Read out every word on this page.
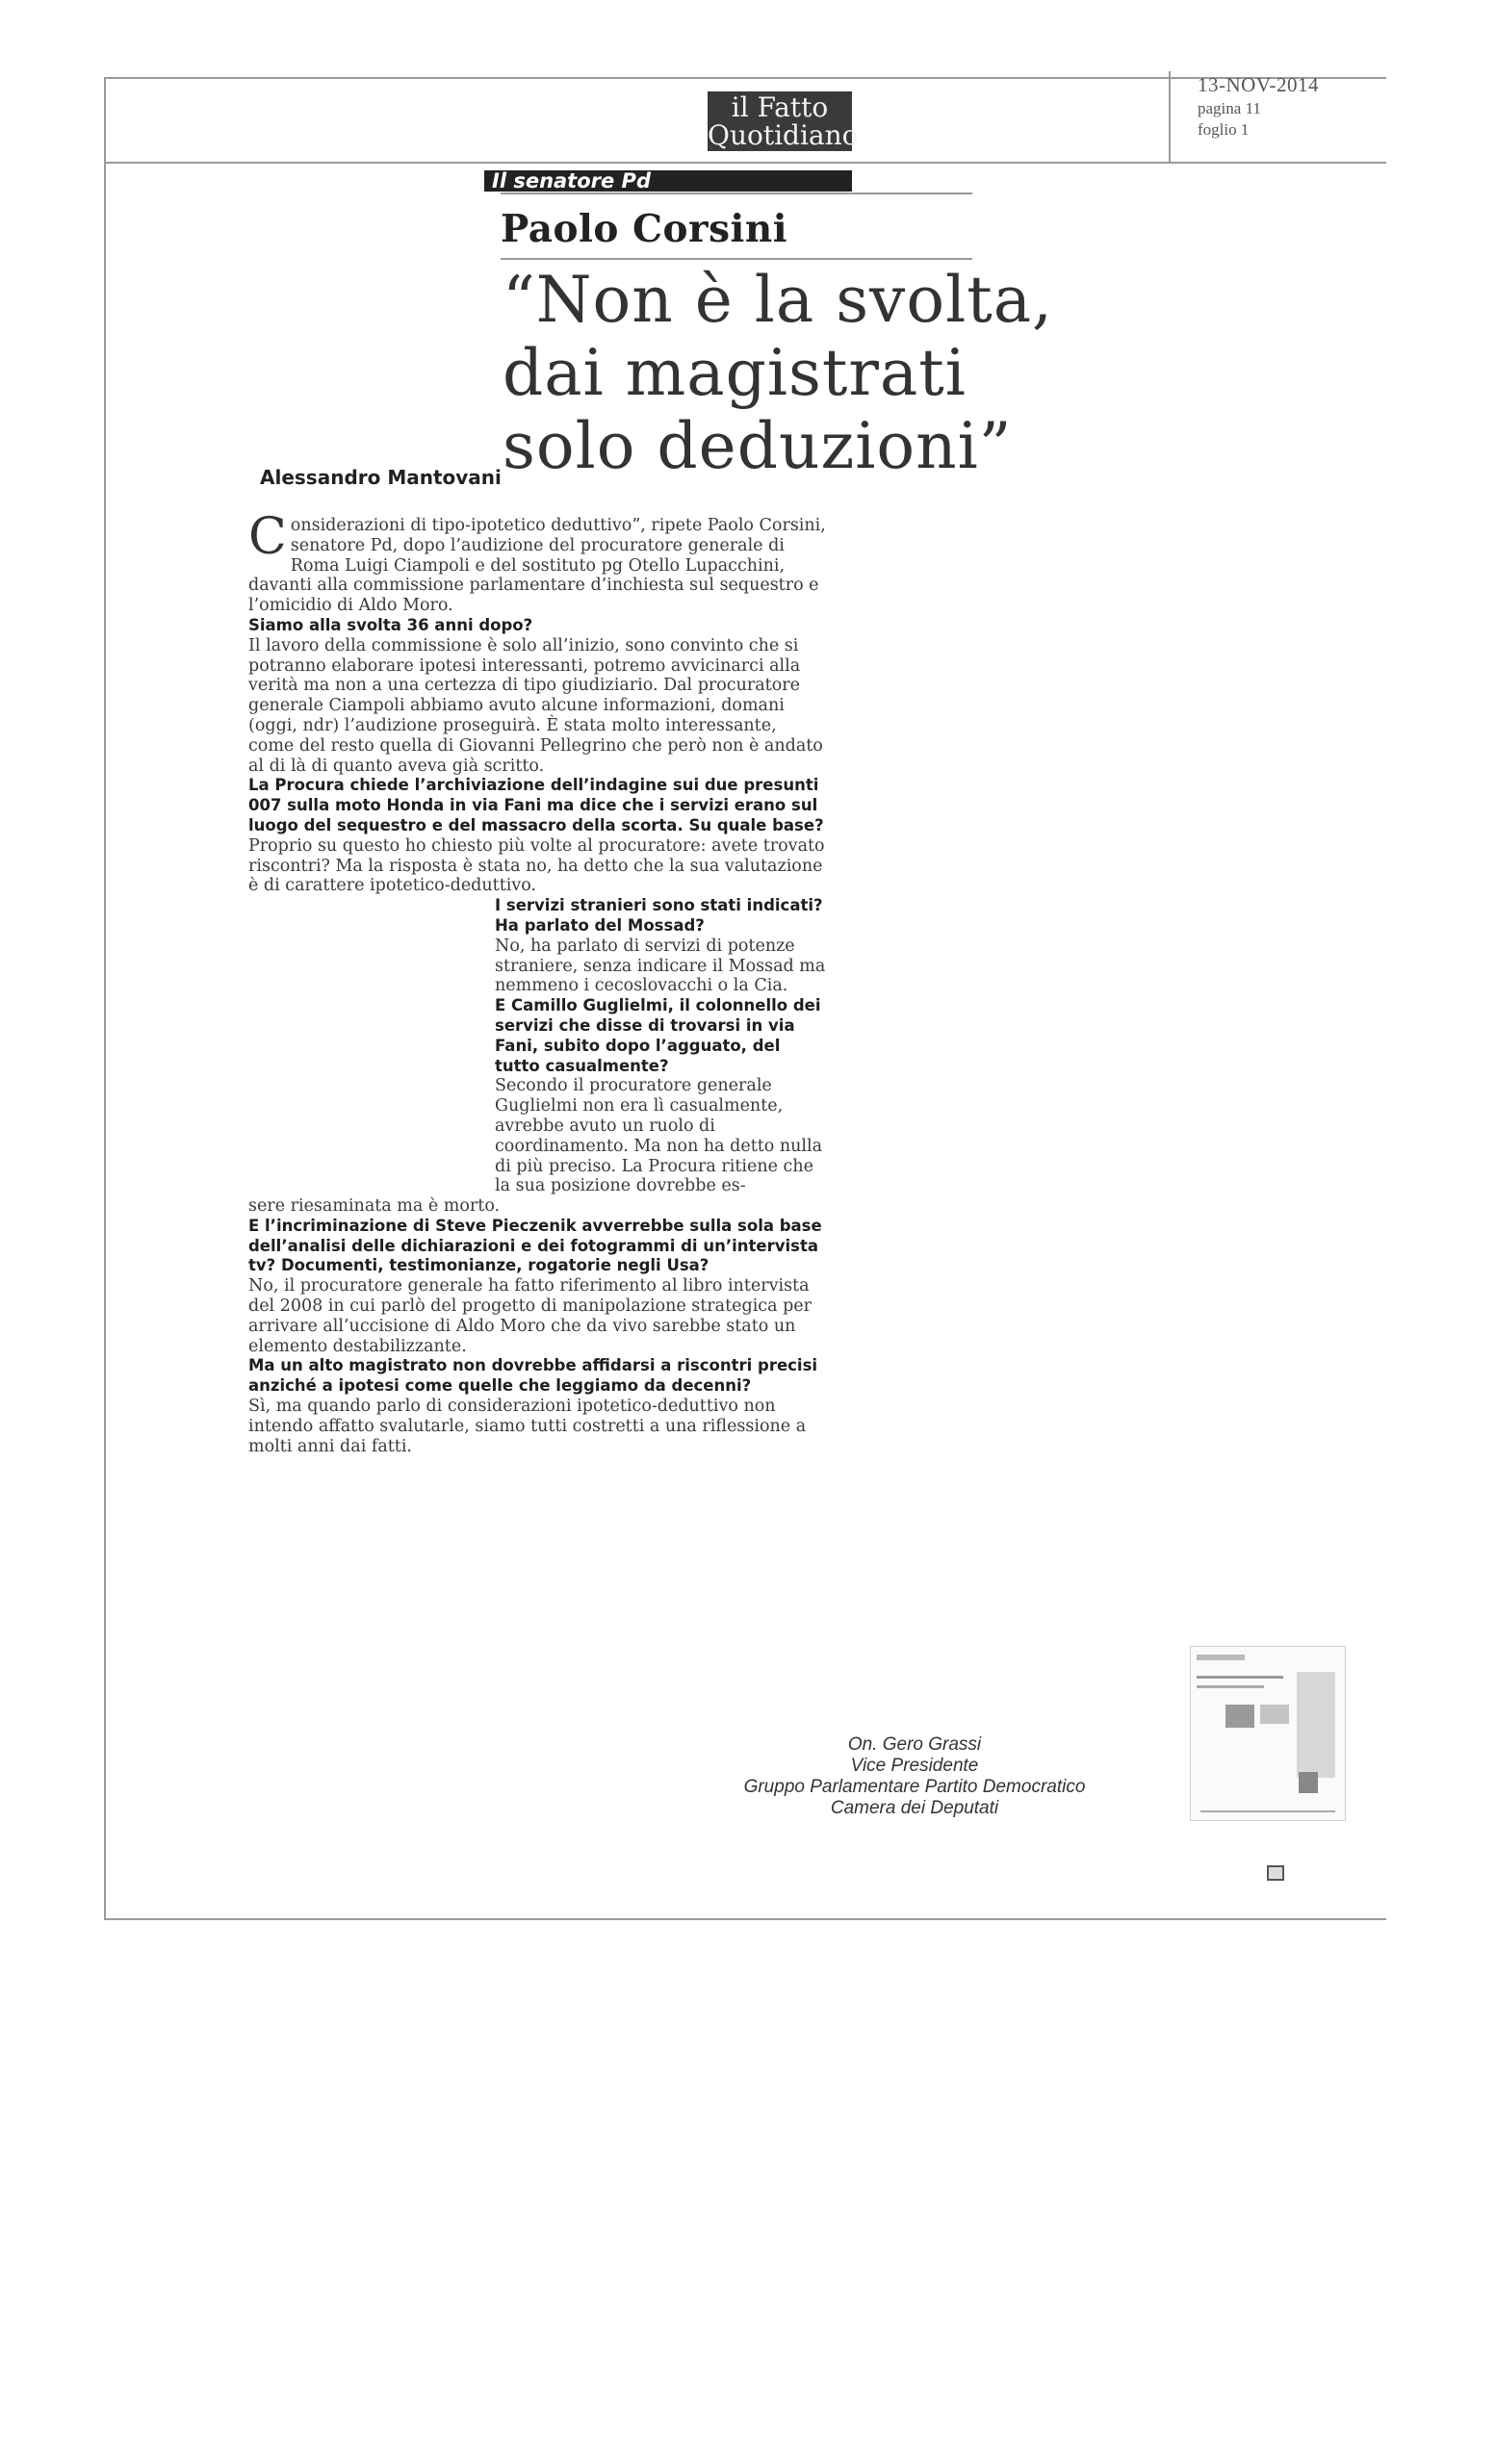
13-NOV-2014
pagina 11
foglio 1
il Fatto
Quotidiano
Il senatore Pd
Paolo Corsini
“Non è la svolta, dai magistrati solo deduzioni”
Alessandro Mantovani

Considerazioni di tipo-ipotetico deduttivo”, ripete Paolo Corsini, senatore Pd, dopo l’audizione del procuratore generale di Roma Luigi Ciampoli e del sostituto pg Otello Lupacchini, davanti alla commissione parlamentare d’inchiesta sul sequestro e l’omicidio di Aldo Moro.

Siamo alla svolta 36 anni dopo?

Il lavoro della commissione è solo all’inizio, sono convinto che si potranno elaborare ipotesi interessanti, potremo avvicinarci alla verità ma non a una certezza di tipo giudiziario. Dal procuratore generale Ciampoli abbiamo avuto alcune informazioni, domani (oggi, ndr) l’audizione proseguirà. È stata molto interessante, come del resto quella di Giovanni Pellegrino che però non è andato al di là di quanto aveva già scritto.

La Procura chiede l’archiviazione dell’indagine sui due presunti 007 sulla moto Honda in via Fani ma dice che i servizi erano sul luogo del sequestro e del massacro della scorta. Su quale base?

Proprio su questo ho chiesto più volte al procuratore: avete trovato riscontri? Ma la risposta è stata no, ha detto che la sua valutazione è di carattere ipotetico-deduttivo.

I servizi stranieri sono stati indicati? Ha parlato del Mossad?

No, ha parlato di servizi di potenze straniere, senza indicare il Mossad ma nemmeno i cecoslovacchi o la Cia.

E Camillo Guglielmi, il colonnello dei servizi che disse di trovarsi in via Fani, subito dopo l’agguato, del tutto casualmente?

Secondo il procuratore generale Guglielmi non era lì casualmente, avrebbe avuto un ruolo di coordinamento. Ma non ha detto nulla di più preciso. La Procura ritiene che la sua posizione dovrebbe es-

sere riesaminata ma è morto.

E l’incriminazione di Steve Pieczenik avverrebbe sulla sola base dell’analisi delle dichiarazioni e dei fotogrammi di un’intervista tv? Documenti, testimonianze, rogatorie negli Usa?

No, il procuratore generale ha fatto riferimento al libro intervista del 2008 in cui parlò del progetto di manipolazione strategica per arrivare all’uccisione di Aldo Moro che da vivo sarebbe stato un elemento destabilizzante.

Ma un alto magistrato non dovrebbe affidarsi a riscontri precisi anziché a ipotesi come quelle che leggiamo da decenni?

Sì, ma quando parlo di considerazioni ipotetico-deduttivo non intendo affatto svalutarle, siamo tutti costretti a una riflessione a molti anni dai fatti.

On. Gero Grassi
Vice Presidente
Gruppo Parlamentare Partito Democratico
Camera dei Deputati
